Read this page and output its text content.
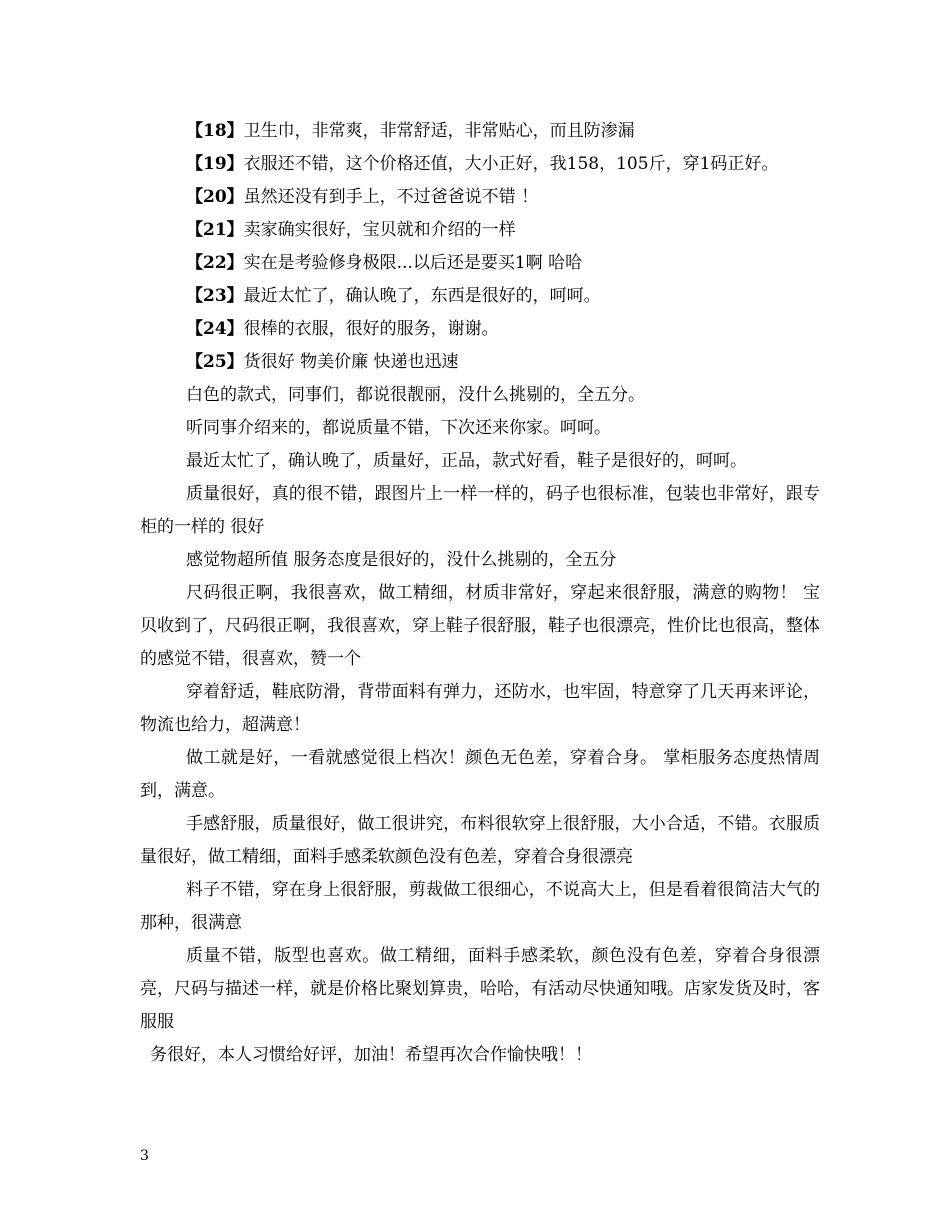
【18】卫生巾，非常爽，非常舒适，非常贴心，而且防渗漏

【19】衣服还不错，这个价格还值，大小正好，我158，105斤，穿1码正好。

【20】虽然还没有到手上，不过爸爸说不错 ！

【21】卖家确实很好，宝贝就和介绍的一样

【22】实在是考验修身极限...以后还是要买1啊 哈哈

【23】最近太忙了，确认晚了，东西是很好的，呵呵。

【24】很棒的衣服，很好的服务，谢谢。

【25】货很好 物美价廉 快递也迅速

白色的款式，同事们，都说很靓丽，没什么挑剔的，全五分。

听同事介绍来的，都说质量不错，下次还来你家。呵呵。

最近太忙了，确认晚了，质量好，正品，款式好看，鞋子是很好的，呵呵。

质量很好，真的很不错，跟图片上一样一样的，码子也很标准，包装也非常好，跟专柜的一样的 很好

感觉物超所值 服务态度是很好的，没什么挑剔的，全五分

尺码很正啊，我很喜欢，做工精细，材质非常好，穿起来很舒服，满意的购物！ 宝贝收到了，尺码很正啊，我很喜欢，穿上鞋子很舒服，鞋子也很漂亮，性价比也很高，整体的感觉不错，很喜欢，赞一个

穿着舒适，鞋底防滑，背带面料有弹力，还防水，也牢固，特意穿了几天再来评论，物流也给力，超满意！

做工就是好，一看就感觉很上档次！颜色无色差，穿着合身。 掌柜服务态度热情周到，满意。

手感舒服，质量很好，做工很讲究，布料很软穿上很舒服，大小合适，不错。衣服质量很好，做工精细，面料手感柔软颜色没有色差，穿着合身很漂亮

料子不错，穿在身上很舒服，剪裁做工很细心，不说高大上，但是看着很简洁大气的那种，很满意

质量不错，版型也喜欢。做工精细，面料手感柔软，颜色没有色差，穿着合身很漂亮，尺码与描述一样，就是价格比聚划算贵，哈哈，有活动尽快通知哦。店家发货及时，客服服

务很好，本人习惯给好评，加油！希望再次合作愉快哦！！

3
